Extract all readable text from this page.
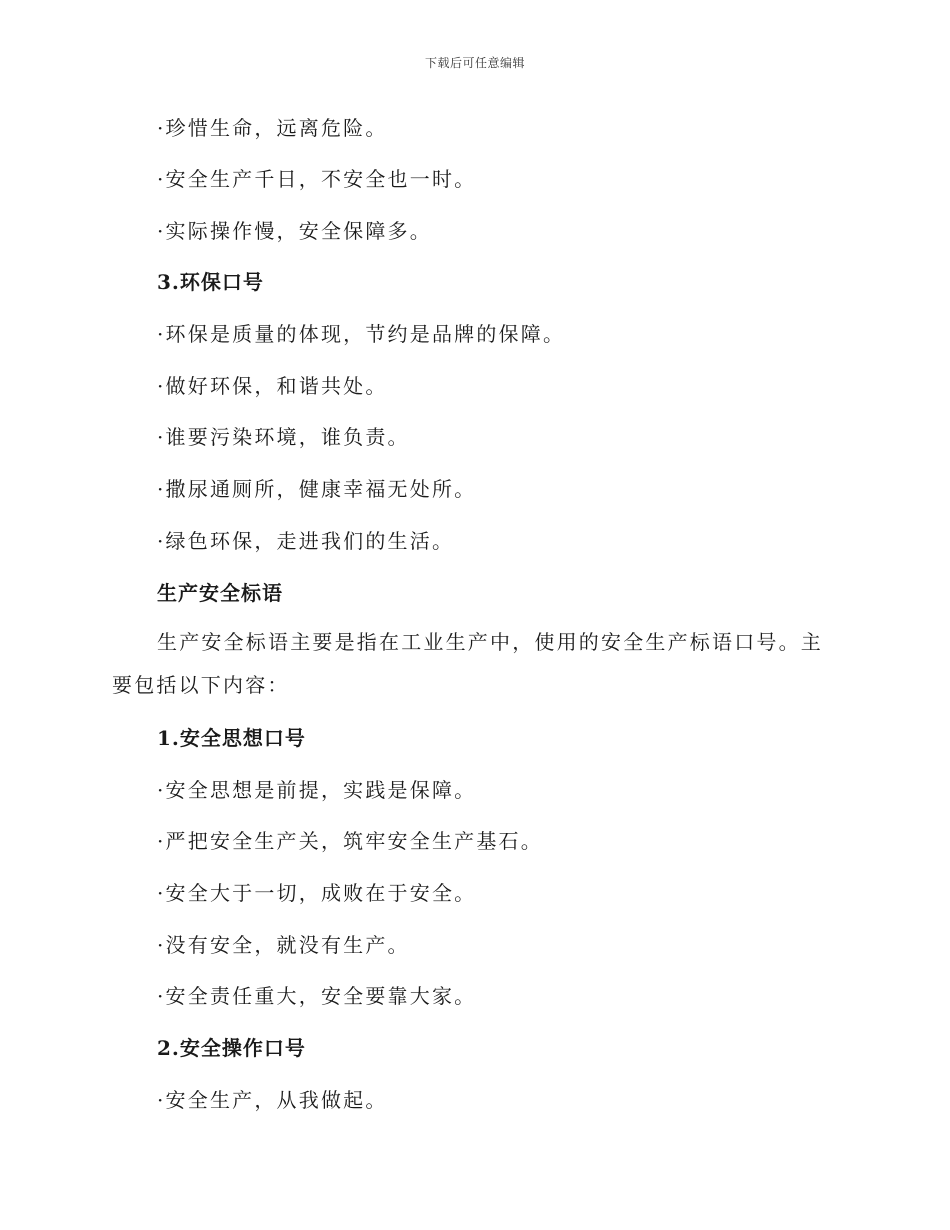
下载后可任意编辑
·珍惜生命，远离危险。
·安全生产千日，不安全也一时。
·实际操作慢，安全保障多。
3.环保口号
·环保是质量的体现，节约是品牌的保障。
·做好环保，和谐共处。
·谁要污染环境，谁负责。
·撒尿通厕所，健康幸福无处所。
·绿色环保，走进我们的生活。
生产安全标语
生产安全标语主要是指在工业生产中，使用的安全生产标语口号。主要包括以下内容：
1.安全思想口号
·安全思想是前提，实践是保障。
·严把安全生产关，筑牢安全生产基石。
·安全大于一切，成败在于安全。
·没有安全，就没有生产。
·安全责任重大，安全要靠大家。
2.安全操作口号
·安全生产，从我做起。
